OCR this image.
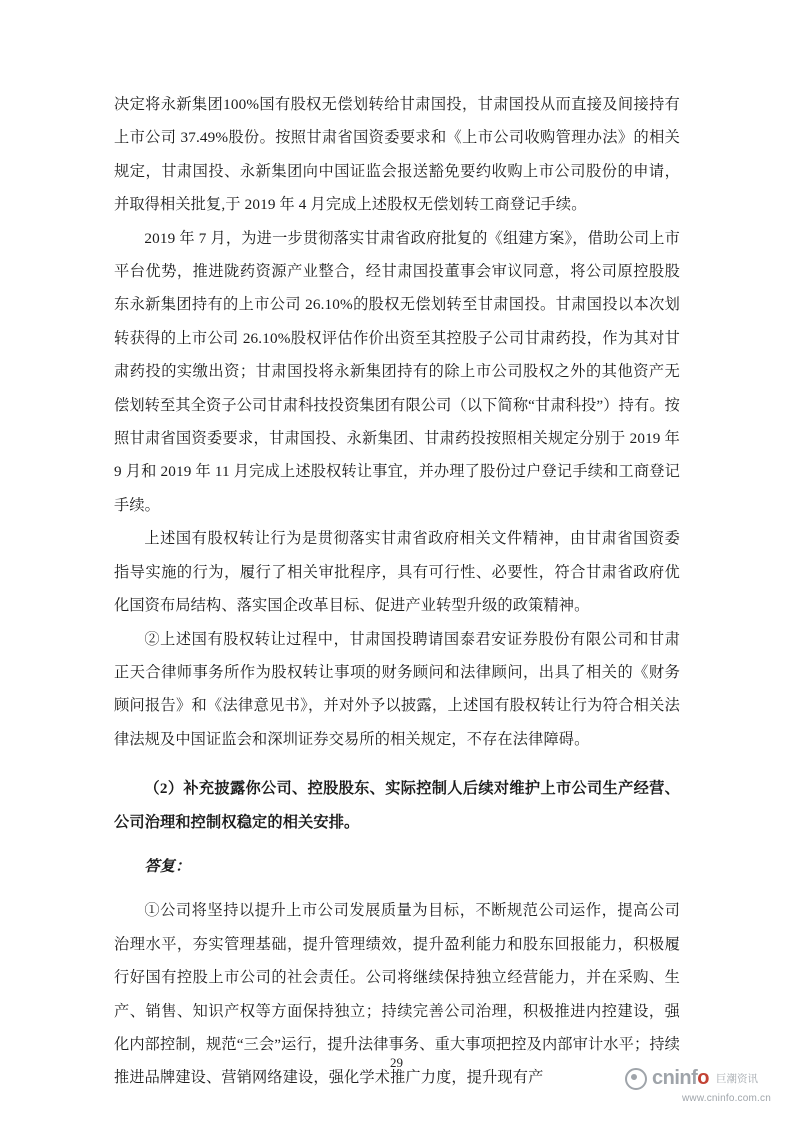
决定将永新集团100%国有股权无偿划转给甘肃国投，甘肃国投从而直接及间接持有上市公司 37.49%股份。按照甘肃省国资委要求和《上市公司收购管理办法》的相关规定，甘肃国投、永新集团向中国证监会报送豁免要约收购上市公司股份的申请，并取得相关批复,于 2019 年 4 月完成上述股权无偿划转工商登记手续。

2019 年 7 月，为进一步贯彻落实甘肃省政府批复的《组建方案》，借助公司上市平台优势，推进陇药资源产业整合，经甘肃国投董事会审议同意，将公司原控股股东永新集团持有的上市公司 26.10%的股权无偿划转至甘肃国投。甘肃国投以本次划转获得的上市公司 26.10%股权评估作价出资至其控股子公司甘肃药投，作为其对甘肃药投的实缴出资；甘肃国投将永新集团持有的除上市公司股权之外的其他资产无偿划转至其全资子公司甘肃科技投资集团有限公司（以下简称“甘肃科投”）持有。按照甘肃省国资委要求，甘肃国投、永新集团、甘肃药投按照相关规定分别于 2019 年 9 月和 2019 年 11 月完成上述股权转让事宜，并办理了股份过户登记手续和工商登记手续。

上述国有股权转让行为是贯彻落实甘肃省政府相关文件精神，由甘肃省国资委指导实施的行为，履行了相关审批程序，具有可行性、必要性，符合甘肃省政府优化国资布局结构、落实国企改革目标、促进产业转型升级的政策精神。

②上述国有股权转让过程中，甘肃国投聘请国泰君安证券股份有限公司和甘肃正天合律师事务所作为股权转让事项的财务顾问和法律顾问，出具了相关的《财务顾问报告》和《法律意见书》，并对外予以披露，上述国有股权转让行为符合相关法律法规及中国证监会和深圳证券交易所的相关规定，不存在法律障碍。

（2）补充披露你公司、控股股东、实际控制人后续对维护上市公司生产经营、公司治理和控制权稳定的相关安排。

答复：

①公司将坚持以提升上市公司发展质量为目标，不断规范公司运作，提高公司治理水平，夯实管理基础，提升管理绩效，提升盈利能力和股东回报能力，积极履行好国有控股上市公司的社会责任。公司将继续保持独立经营能力，并在采购、生产、销售、知识产权等方面保持独立；持续完善公司治理，积极推进内控建设，强化内部控制，规范“三会”运行，提升法律事务、重大事项把控及内部审计水平；持续推进品牌建设、营销网络建设，强化学术推广力度，提升现有产

29
cninfo 巨潮资讯
www.cninfo.com.cn
